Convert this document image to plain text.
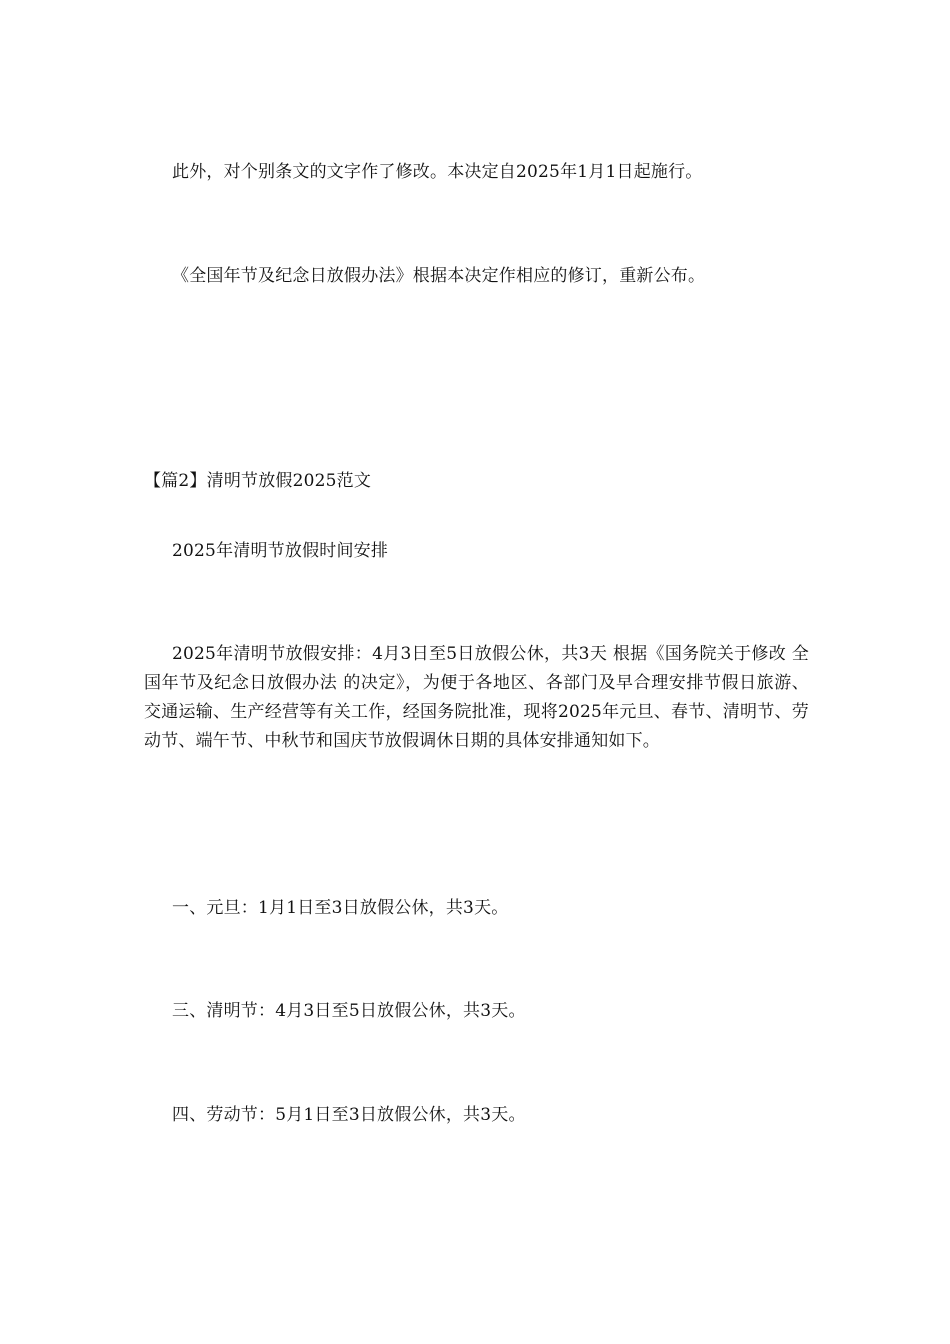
此外，对个别条文的文字作了修改。本决定自2025年1月1日起施行。
《全国年节及纪念日放假办法》根据本决定作相应的修订，重新公布。
【篇2】清明节放假2025范文
2025年清明节放假时间安排
2025年清明节放假安排：4月3日至5日放假公休，共3天 根据《国务院关于修改 全国年节及纪念日放假办法 的决定》，为便于各地区、各部门及早合理安排节假日旅游、交通运输、生产经营等有关工作，经国务院批准，现将2025年元旦、春节、清明节、劳动节、端午节、中秋节和国庆节放假调休日期的具体安排通知如下。
一、元旦：1月1日至3日放假公休，共3天。
三、清明节：4月3日至5日放假公休，共3天。
四、劳动节：5月1日至3日放假公休，共3天。
